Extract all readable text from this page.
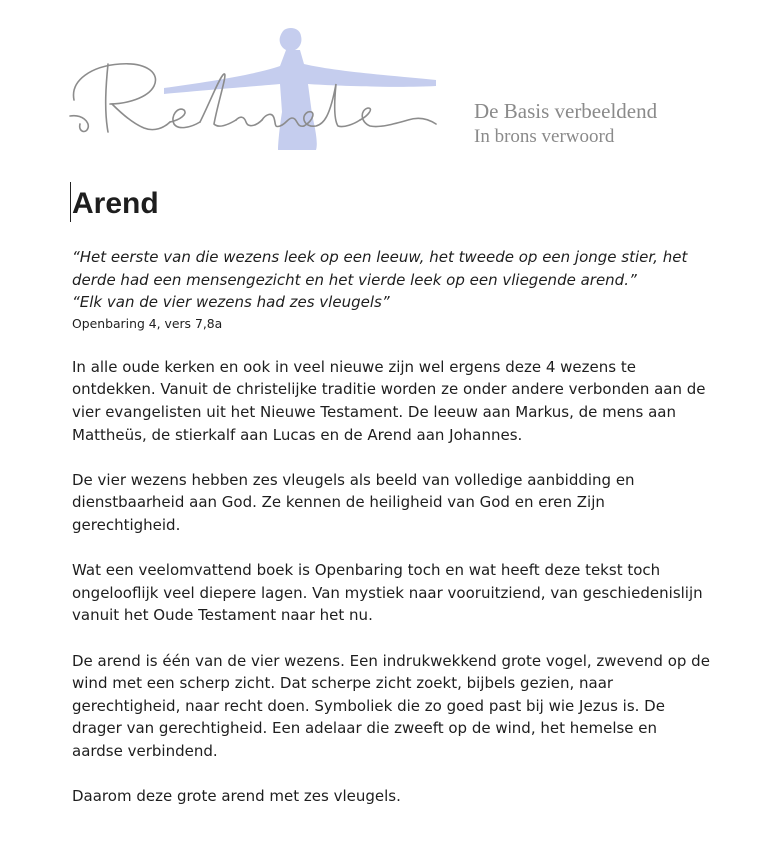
De Basis verbeeldend
In brons verwoord
Arend

“Het eerste van die wezens leek op een leeuw, het tweede op een jonge stier, het derde had een mensengezicht en het vierde leek op een vliegende arend.”

“Elk van de vier wezens had zes vleugels”

Openbaring 4, vers 7,8a

In alle oude kerken en ook in veel nieuwe zijn wel ergens deze 4 wezens te ontdekken. Vanuit de christelijke traditie worden ze onder andere verbonden aan de vier evangelisten uit het Nieuwe Testament. De leeuw aan Markus, de mens aan Mattheüs, de stierkalf aan Lucas en de Arend aan Johannes.

De vier wezens hebben zes vleugels als beeld van volledige aanbidding en dienstbaarheid aan God. Ze kennen de heiligheid van God en eren Zijn gerechtigheid.

Wat een veelomvattend boek is Openbaring toch en wat heeft deze tekst toch ongelooflijk veel diepere lagen. Van mystiek naar vooruitziend, van geschiedenislijn vanuit het Oude Testament naar het nu.

De arend is één van de vier wezens. Een indrukwekkend grote vogel, zwevend op de wind met een scherp zicht. Dat scherpe zicht zoekt, bijbels gezien, naar gerechtigheid, naar recht doen. Symboliek die zo goed past bij wie Jezus is. De drager van gerechtigheid. Een adelaar die zweeft op de wind, het hemelse en aardse verbindend.

Daarom deze grote arend met zes vleugels.
